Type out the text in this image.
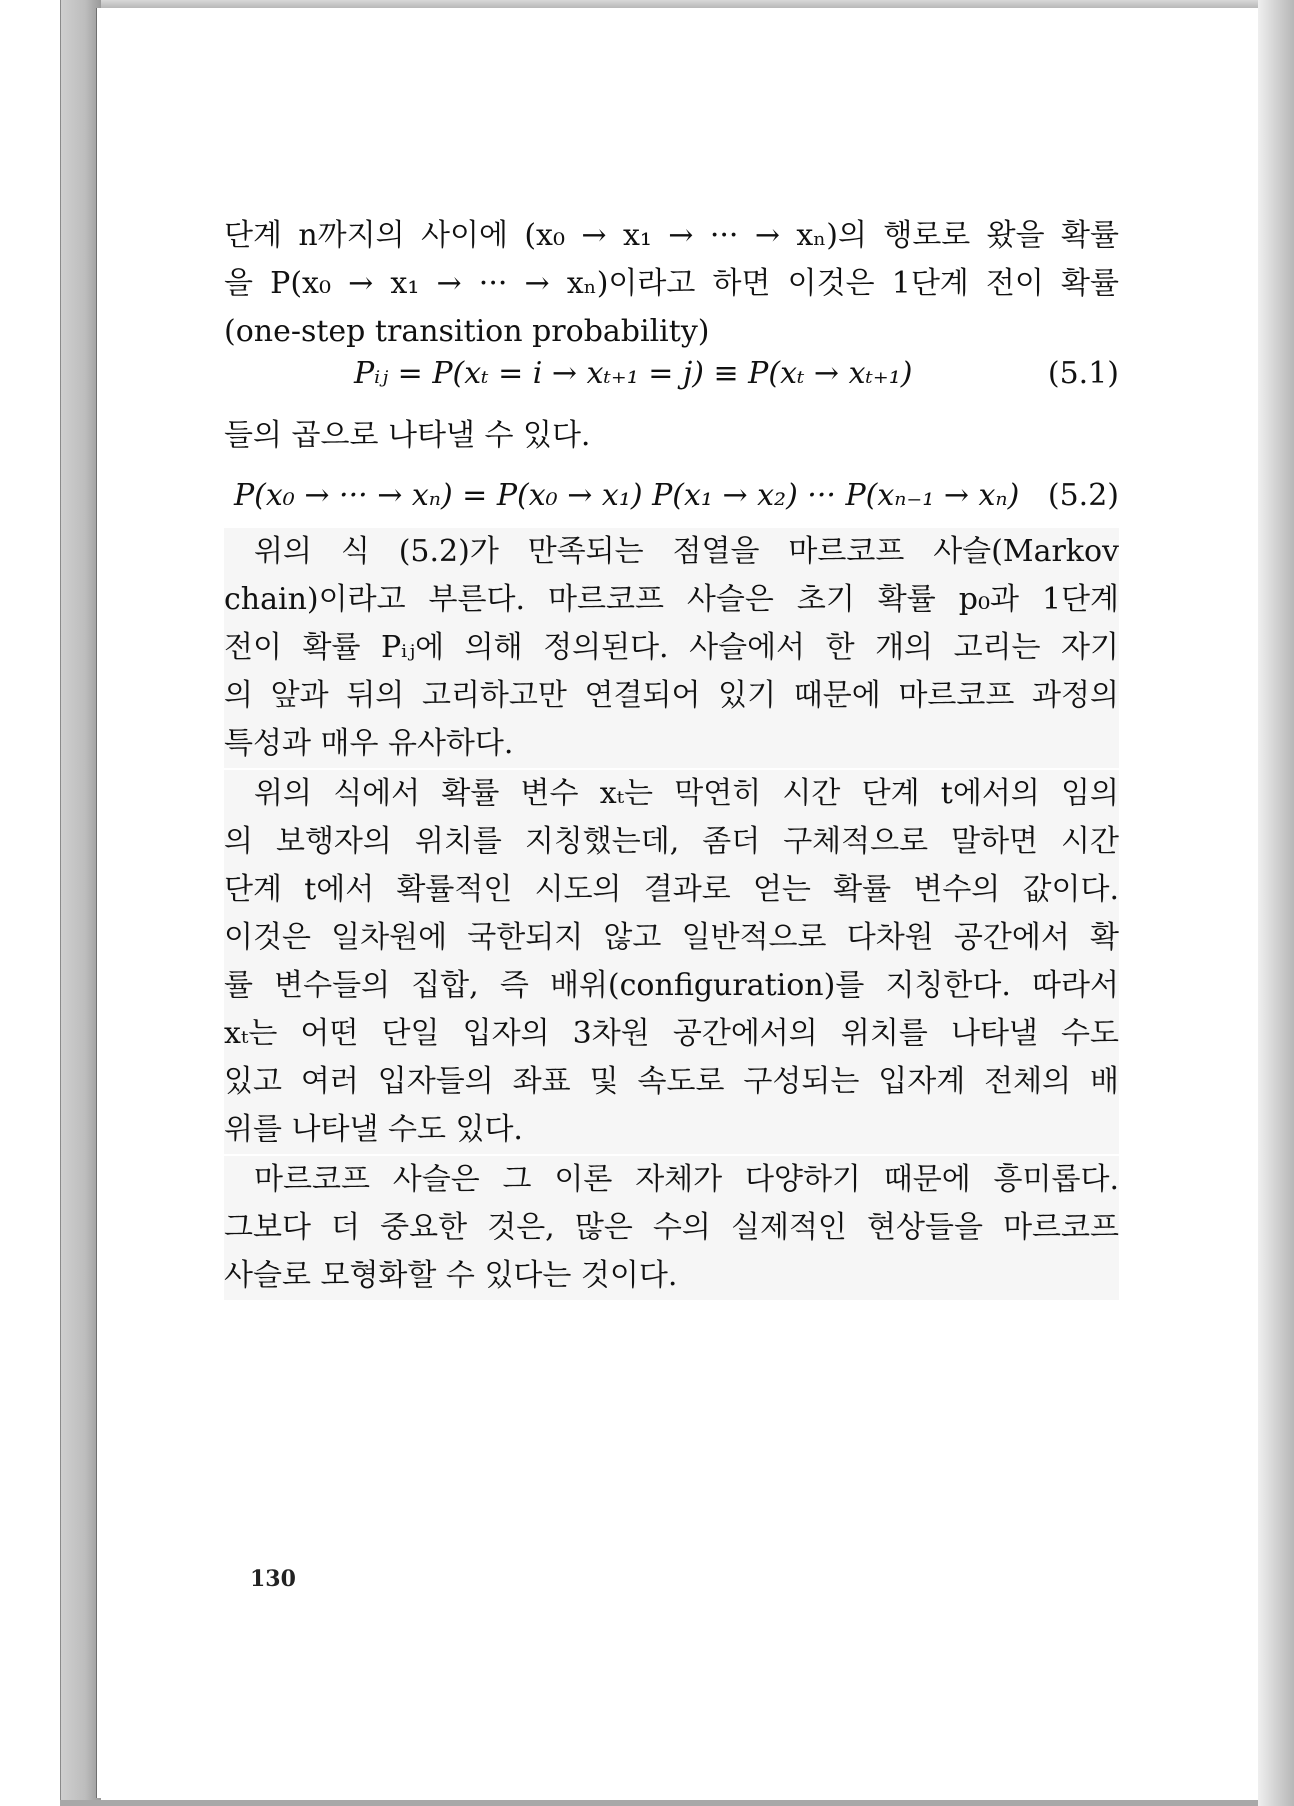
단계 n까지의 사이에 (x₀ → x₁ → ··· → xₙ)의 행로로 왔을 확률

을 P(x₀ → x₁ → ··· → xₙ)이라고 하면 이것은 1단계 전이 확률

(one-step transition probability)

Pᵢⱼ = P(xₜ = i → xₜ₊₁ = j) ≡ P(xₜ → xₜ₊₁)	(5.1)

들의 곱으로 나타낼 수 있다.

P(x₀ → ··· → xₙ) = P(x₀ → x₁) P(x₁ → x₂) ··· P(xₙ₋₁ → xₙ) (5.2)

위의 식 (5.2)가 만족되는 점열을 마르코프 사슬(Markov

chain)이라고 부른다. 마르코프 사슬은 초기 확률 p₀과 1단계

전이 확률 Pᵢⱼ에 의해 정의된다. 사슬에서 한 개의 고리는 자기

의 앞과 뒤의 고리하고만 연결되어 있기 때문에 마르코프 과정의

특성과 매우 유사하다.

위의 식에서 확률 변수 xₜ는 막연히 시간 단계 t에서의 임의

의 보행자의 위치를 지칭했는데, 좀더 구체적으로 말하면 시간

단계 t에서 확률적인 시도의 결과로 얻는 확률 변수의 값이다.

이것은 일차원에 국한되지 않고 일반적으로 다차원 공간에서 확

률 변수들의 집합, 즉 배위(configuration)를 지칭한다. 따라서

xₜ는 어떤 단일 입자의 3차원 공간에서의 위치를 나타낼 수도

있고 여러 입자들의 좌표 및 속도로 구성되는 입자계 전체의 배

위를 나타낼 수도 있다.

마르코프 사슬은 그 이론 자체가 다양하기 때문에 흥미롭다.

그보다 더 중요한 것은, 많은 수의 실제적인 현상들을 마르코프

사슬로 모형화할 수 있다는 것이다.

130
